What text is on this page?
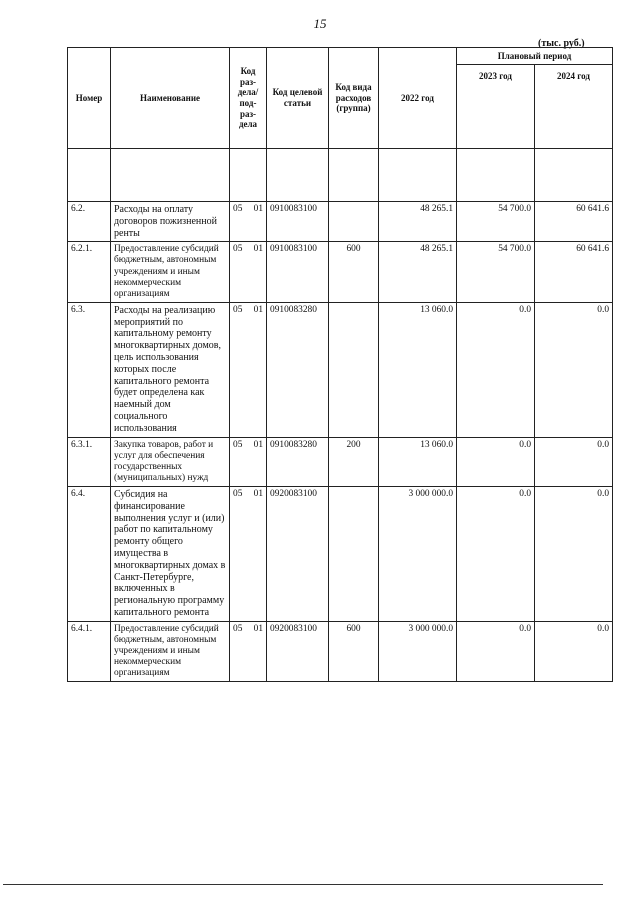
15
(тыс. руб.)
Номер	Наименование	Код раз-дела/под-раз-дела	Код целевой статьи	Код вида расходов (группа)	2022 год	Плановый период	
						2023 год	2024 год

6.2.	Расходы на оплату договоров пожизненной ренты	05 01	0910083100		48 265.1	54 700.0	60 641.6
6.2.1.	Предоставление субсидий бюджетным, автономным учреждениям и иным некоммерческим организациям	05 01	0910083100	600	48 265.1	54 700.0	60 641.6
6.3.	Расходы на реализацию мероприятий по капитальному ремонту многоквартирных домов, цель использования которых после капитального ремонта будет определена как наемный дом социального использования	05 01	0910083280		13 060.0	0.0	0.0
6.3.1.	Закупка товаров, работ и услуг для обеспечения государственных (муниципальных) нужд	05 01	0910083280	200	13 060.0	0.0	0.0
6.4.	Субсидия на финансирование выполнения услуг и (или) работ по капитальному ремонту общего имущества в многоквартирных домах в Санкт-Петербурге, включенных в региональную программу капитального ремонта	05 01	0920083100		3 000 000.0	0.0	0.0
6.4.1.	Предоставление субсидий бюджетным, автономным учреждениям и иным некоммерческим организациям	05 01	0920083100	600	3 000 000.0	0.0	0.0
